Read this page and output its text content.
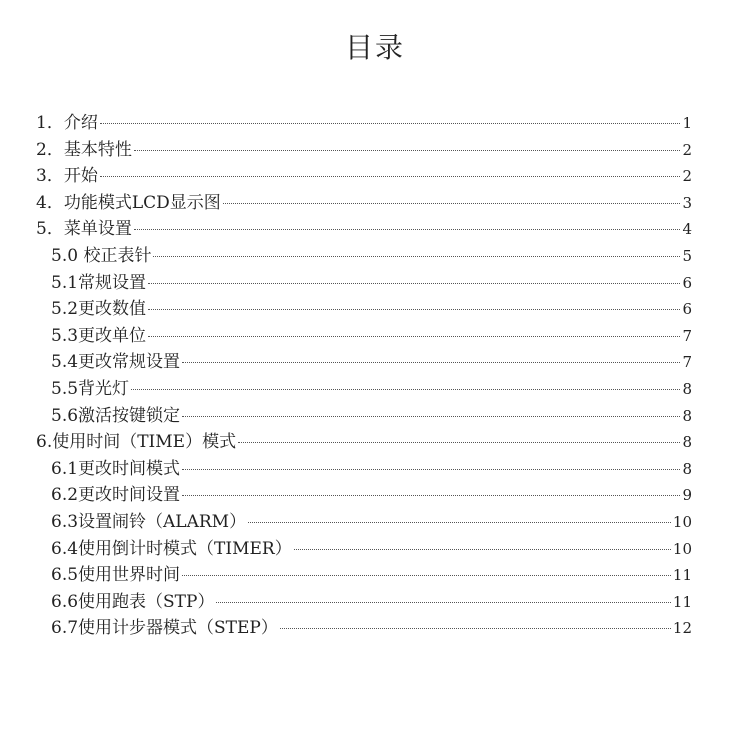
目录
1．介绍	1
2．基本特性	2
3．开始	2
4．功能模式LCD显示图	3
5．菜单设置	4
5.0 校正表针	5
5.1常规设置	6
5.2更改数值	6
5.3更改单位	7
5.4更改常规设置	7
5.5背光灯	8
5.6激活按键锁定	8
6.使用时间（TIME）模式	8
6.1更改时间模式	8
6.2更改时间设置	9
6.3设置闹铃（ALARM）	10
6.4使用倒计时模式（TIMER）	10
6.5使用世界时间	11
6.6使用跑表（STP）	11
6.7使用计步器模式（STEP）	12
